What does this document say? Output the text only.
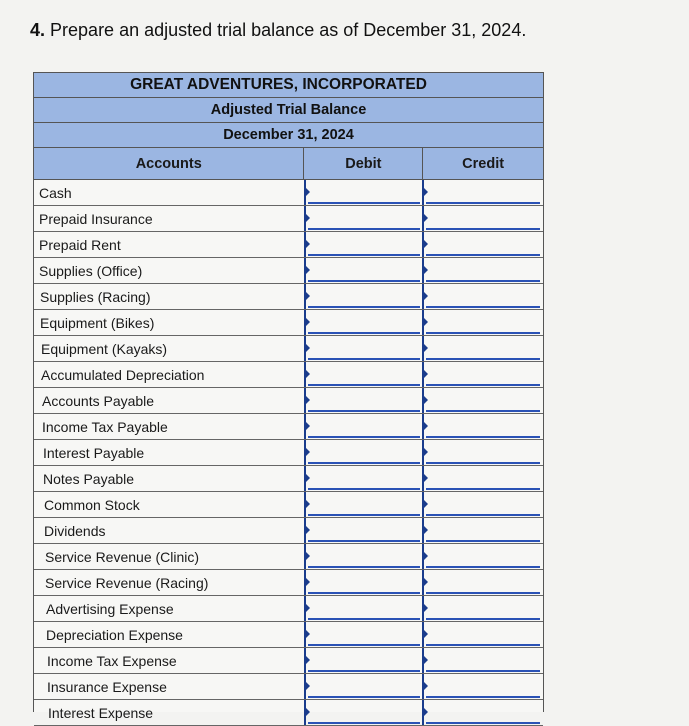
4. Prepare an adjusted trial balance as of December 31, 2024.
GREAT ADVENTURES, INCORPORATED
Adjusted Trial Balance
December 31, 2024
Accounts	Debit	Credit
Cash
Prepaid Insurance
Prepaid Rent
Supplies (Office)
Supplies (Racing)
Equipment (Bikes)
Equipment (Kayaks)
Accumulated Depreciation
Accounts Payable
Income Tax Payable
Interest Payable
Notes Payable
Common Stock
Dividends
Service Revenue (Clinic)
Service Revenue (Racing)
Advertising Expense
Depreciation Expense
Income Tax Expense
Insurance Expense
Interest Expense
